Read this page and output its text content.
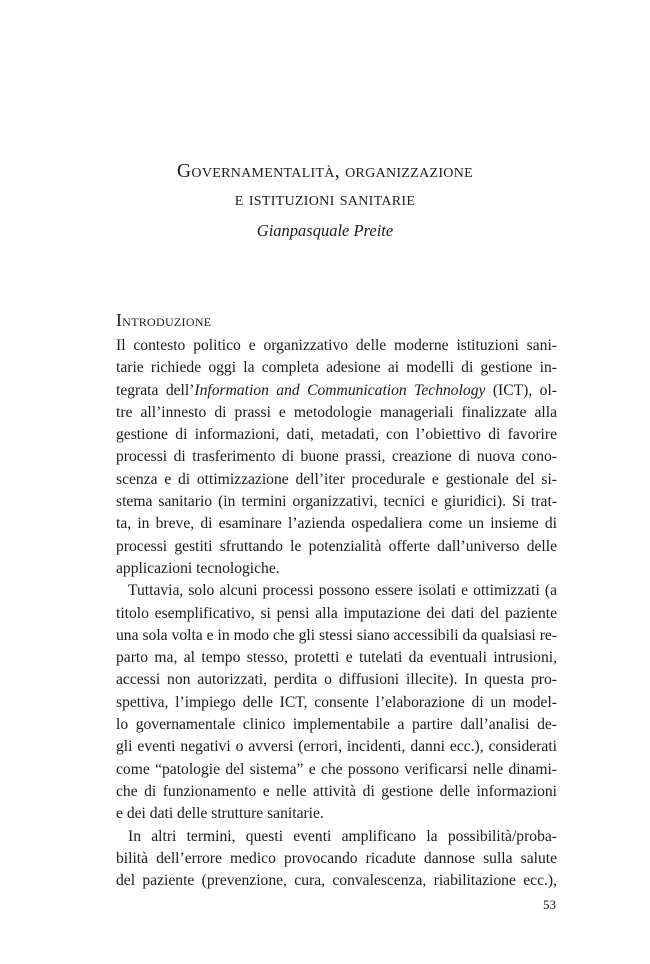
Governamentalità, organizzazione
e istituzioni sanitarie
Gianpasquale Preite
Introduzione
Il contesto politico e organizzativo delle moderne istituzioni sani-
tarie richiede oggi la completa adesione ai modelli di gestione in-
tegrata dell’Information and Communication Technology (ICT), ol-
tre all’innesto di prassi e metodologie manageriali finalizzate alla
gestione di informazioni, dati, metadati, con l’obiettivo di favorire
processi di trasferimento di buone prassi, creazione di nuova cono-
scenza e di ottimizzazione dell’iter procedurale e gestionale del si-
stema sanitario (in termini organizzativi, tecnici e giuridici). Si trat-
ta, in breve, di esaminare l’azienda ospedaliera come un insieme di
processi gestiti sfruttando le potenzialità offerte dall’universo delle
applicazioni tecnologiche.
Tuttavia, solo alcuni processi possono essere isolati e ottimizzati (a
titolo esemplificativo, si pensi alla imputazione dei dati del paziente
una sola volta e in modo che gli stessi siano accessibili da qualsiasi re-
parto ma, al tempo stesso, protetti e tutelati da eventuali intrusioni,
accessi non autorizzati, perdita o diffusioni illecite). In questa pro-
spettiva, l’impiego delle ICT, consente l’elaborazione di un model-
lo governamentale clinico implementabile a partire dall’analisi de-
gli eventi negativi o avversi (errori, incidenti, danni ecc.), considerati
come “patologie del sistema” e che possono verificarsi nelle dinami-
che di funzionamento e nelle attività di gestione delle informazioni
e dei dati delle strutture sanitarie.
In altri termini, questi eventi amplificano la possibilità/proba-
bilità dell’errore medico provocando ricadute dannose sulla salute
del paziente (prevenzione, cura, convalescenza, riabilitazione ecc.),
53
